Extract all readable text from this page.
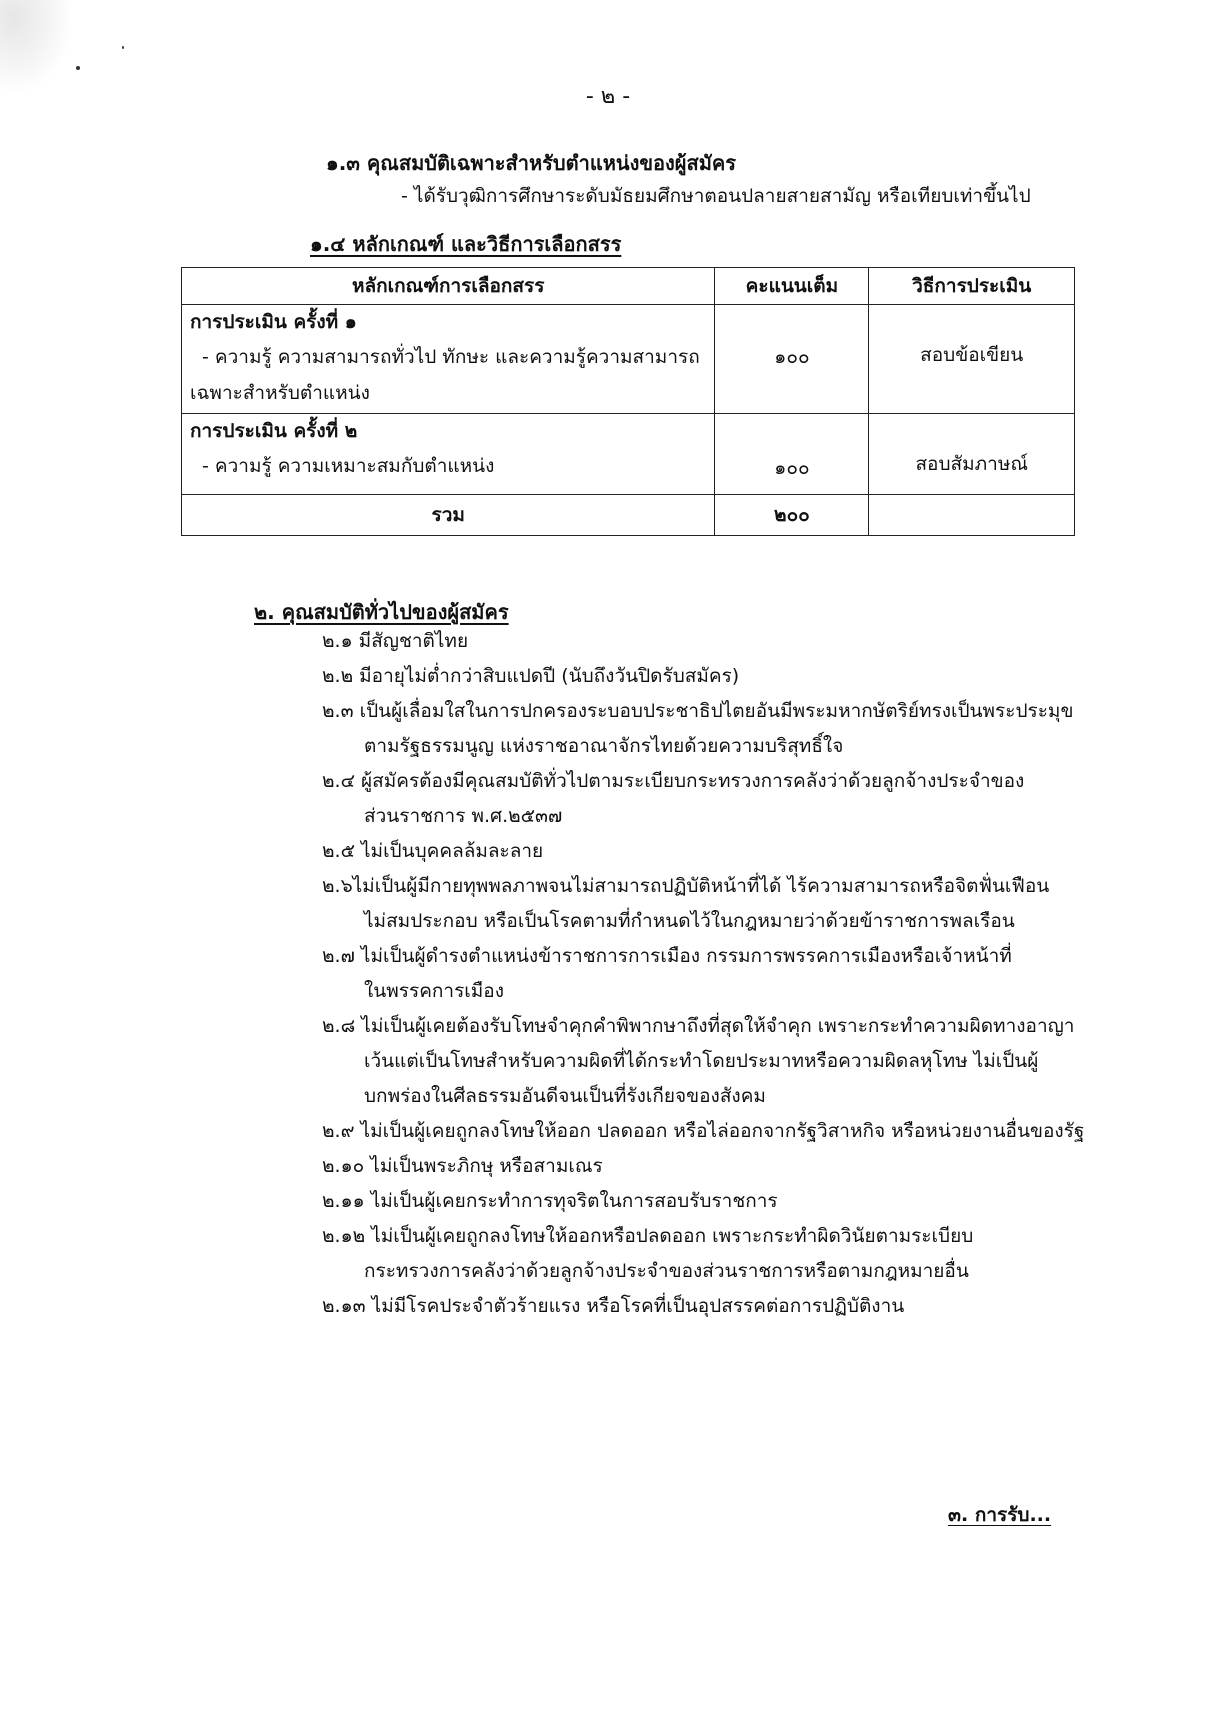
- ๒ -
๑.๓ คุณสมบัติเฉพาะสำหรับตำแหน่งของผู้สมัคร
- ได้รับวุฒิการศึกษาระดับมัธยมศึกษาตอนปลายสายสามัญ หรือเทียบเท่าขึ้นไป
๑.๔ หลักเกณฑ์ และวิธีการเลือกสรร
หลักเกณฑ์การเลือกสรร	คะแนนเต็ม	วิธีการประเมิน

การประเมิน ครั้งที่ ๑
- ความรู้ ความสามารถทั่วไป ทักษะ และความรู้ความสามารถ
เฉพาะสำหรับตำแหน่ง	๑๐๐	สอบข้อเขียน

การประเมิน ครั้งที่ ๒
- ความรู้ ความเหมาะสมกับตำแหน่ง	๑๐๐	สอบสัมภาษณ์

รวม	๒๐๐	
๒. คุณสมบัติทั่วไปของผู้สมัคร
๒.๑ มีสัญชาติไทย
๒.๒ มีอายุไม่ต่ำกว่าสิบแปดปี (นับถึงวันปิดรับสมัคร)
๒.๓ เป็นผู้เลื่อมใสในการปกครองระบอบประชาธิปไตยอันมีพระมหากษัตริย์ทรงเป็นพระประมุข
ตามรัฐธรรมนูญ แห่งราชอาณาจักรไทยด้วยความบริสุทธิ์ใจ
๒.๔ ผู้สมัครต้องมีคุณสมบัติทั่วไปตามระเบียบกระทรวงการคลังว่าด้วยลูกจ้างประจำของ
ส่วนราชการ พ.ศ.๒๕๓๗
๒.๕ ไม่เป็นบุคคลล้มละลาย
๒.๖ไม่เป็นผู้มีกายทุพพลภาพจนไม่สามารถปฏิบัติหน้าที่ได้ ไร้ความสามารถหรือจิตฟั่นเฟือน
ไม่สมประกอบ หรือเป็นโรคตามที่กำหนดไว้ในกฎหมายว่าด้วยข้าราชการพลเรือน
๒.๗ ไม่เป็นผู้ดำรงตำแหน่งข้าราชการการเมือง กรรมการพรรคการเมืองหรือเจ้าหน้าที่
ในพรรคการเมือง
๒.๘ ไม่เป็นผู้เคยต้องรับโทษจำคุกคำพิพากษาถึงที่สุดให้จำคุก เพราะกระทำความผิดทางอาญา
เว้นแต่เป็นโทษสำหรับความผิดที่ได้กระทำโดยประมาทหรือความผิดลหุโทษ ไม่เป็นผู้
บกพร่องในศีลธรรมอันดีจนเป็นที่รังเกียจของสังคม
๒.๙ ไม่เป็นผู้เคยถูกลงโทษให้ออก ปลดออก หรือไล่ออกจากรัฐวิสาหกิจ หรือหน่วยงานอื่นของรัฐ
๒.๑๐ ไม่เป็นพระภิกษุ หรือสามเณร
๒.๑๑ ไม่เป็นผู้เคยกระทำการทุจริตในการสอบรับราชการ
๒.๑๒ ไม่เป็นผู้เคยถูกลงโทษให้ออกหรือปลดออก เพราะกระทำผิดวินัยตามระเบียบ
กระทรวงการคลังว่าด้วยลูกจ้างประจำของส่วนราชการหรือตามกฎหมายอื่น
๒.๑๓ ไม่มีโรคประจำตัวร้ายแรง หรือโรคที่เป็นอุปสรรคต่อการปฏิบัติงาน
๓. การรับ...
